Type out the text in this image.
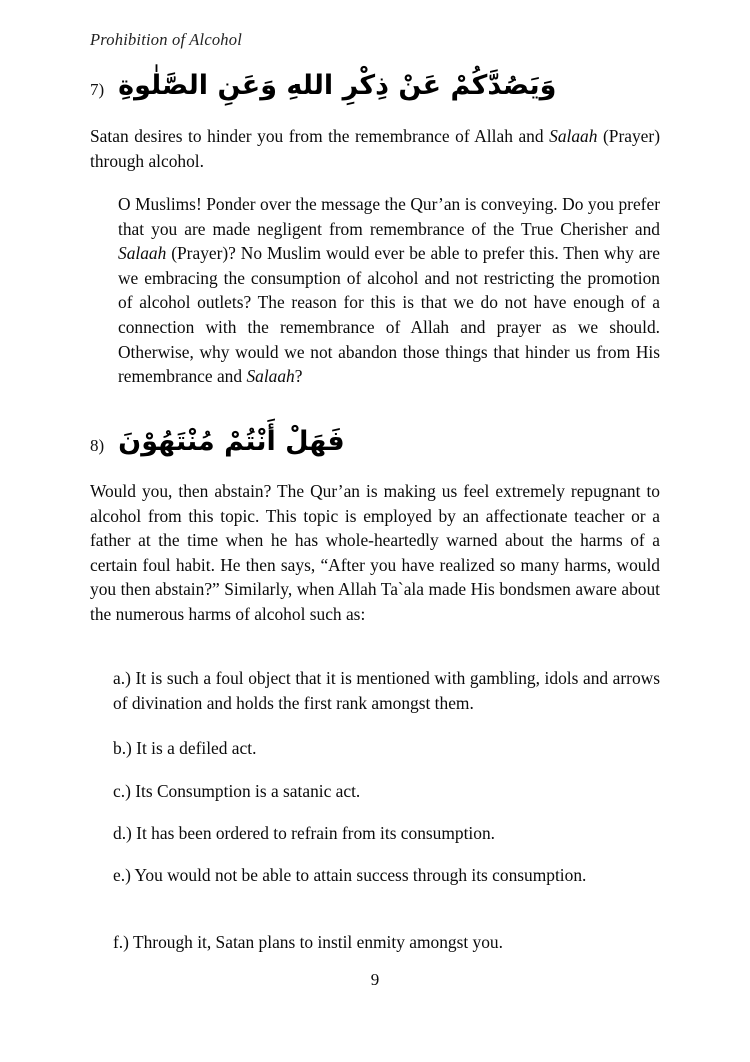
Prohibition of Alcohol
7) وَيَصُدَّكُمْ عَنْ ذِكْرِ اللهِ وَعَنِ الصَّلٰوةِ
Satan desires to hinder you from the remembrance of Allah and Salaah (Prayer) through alcohol.
O Muslims! Ponder over the message the Qur’an is conveying. Do you prefer that you are made negligent from remembrance of the True Cherisher and Salaah (Prayer)? No Muslim would ever be able to prefer this. Then why are we embracing the consumption of alcohol and not restricting the promotion of alcohol outlets? The reason for this is that we do not have enough of a connection with the remembrance of Allah and prayer as we should. Otherwise, why would we not abandon those things that hinder us from His remembrance and Salaah?
8) فَهَلْ أَنْتُمْ مُنْتَهُوْنَ
Would you, then abstain? The Qur’an is making us feel extremely repugnant to alcohol from this topic. This topic is employed by an affectionate teacher or a father at the time when he has whole-heartedly warned about the harms of a certain foul habit. He then says, “After you have realized so many harms, would you then abstain?” Similarly, when Allah Ta`ala made His bondsmen aware about the numerous harms of alcohol such as:
a.) It is such a foul object that it is mentioned with gambling, idols and arrows of divination and holds the first rank amongst them.
b.) It is a defiled act.
c.) Its Consumption is a satanic act.
d.) It has been ordered to refrain from its consumption.
e.) You would not be able to attain success through its consumption.
f.) Through it, Satan plans to instil enmity amongst you.
9
